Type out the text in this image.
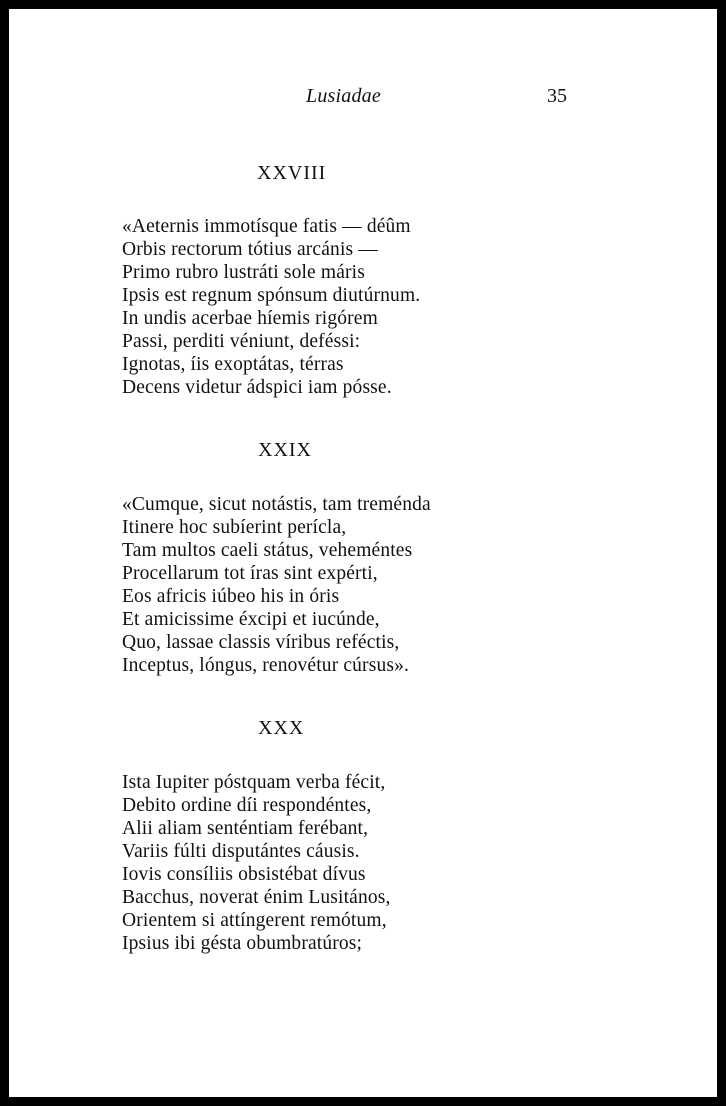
Lusiadae	35
XXVIII
«Aeternis immotísque fatis — déûm
Orbis rectorum tótius arcánis —
Primo rubro lustráti sole máris
Ipsis est regnum spónsum diutúrnum.
In undis acerbae híemis rigórem
Passi, perditi véniunt, deféssi:
Ignotas, íis exoptátas, térras
Decens videtur ádspici iam pósse.
XXIX
«Cumque, sicut notástis, tam treménda
Itinere hoc subíerint perícla,
Tam multos caeli státus, veheméntes
Procellarum tot íras sint expérti,
Eos africis iúbeo his in óris
Et amicissime éxcipi et iucúnde,
Quo, lassae classis víribus reféctis,
Inceptus, lóngus, renovétur cúrsus».
XXX
Ista Iupiter póstquam verba fécit,
Debito ordine díi respondéntes,
Alii aliam senténtiam ferébant,
Variis fúlti disputántes cáusis.
Iovis consíliis obsistébat dívus
Bacchus, noverat énim Lusitános,
Orientem si attíngerent remótum,
Ipsius ibi gésta obumbratúros;
